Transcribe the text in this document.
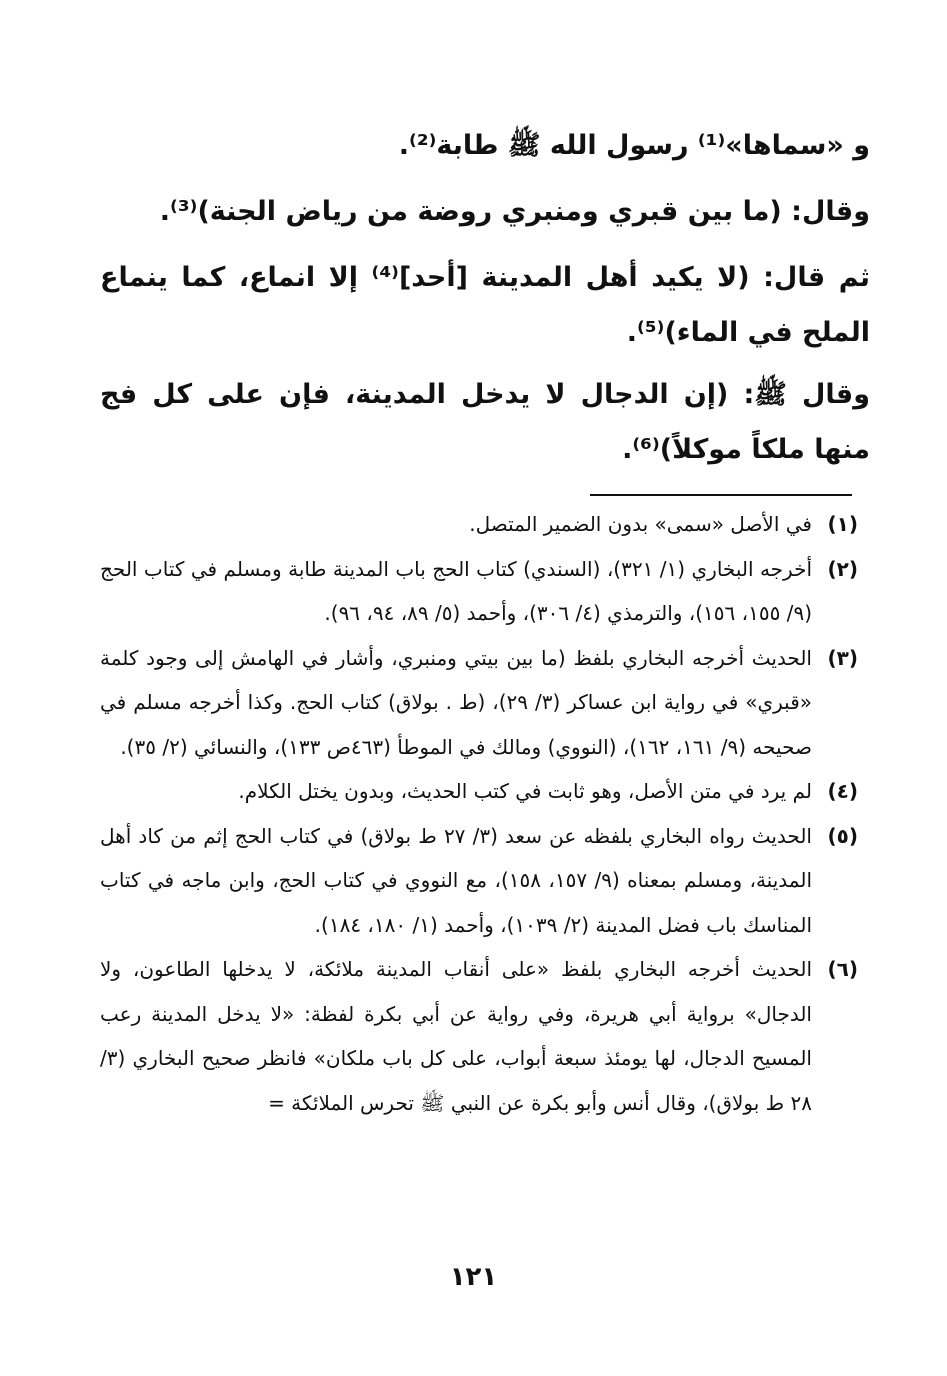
و «سماها»⁽¹⁾ رسول الله ﷺ طابة⁽²⁾.
وقال: (ما بين قبري ومنبري روضة من رياض الجنة)⁽³⁾.
ثم قال: (لا يكيد أهل المدينة [أحد]⁽⁴⁾ إلا انماع، كما ينماع الملح في الماء)⁽⁵⁾.
وقال ﷺ: (إن الدجال لا يدخل المدينة، فإن على كل فج منها ملكاً موكلاً)⁽⁶⁾.
(١)
في الأصل «سمى» بدون الضمير المتصل.
(٢)
أخرجه البخاري (١/ ٣٢١)، (السندي) كتاب الحج باب المدينة طابة ومسلم في كتاب الحج (٩/ ١٥٥، ١٥٦)، والترمذي (٤/ ٣٠٦)، وأحمد (٥/ ٨٩، ٩٤، ٩٦).
(٣)
الحديث أخرجه البخاري بلفظ (ما بين بيتي ومنبري، وأشار في الهامش إلى وجود كلمة «قبري» في رواية ابن عساكر (٣/ ٢٩)، (ط . بولاق) كتاب الحج. وكذا أخرجه مسلم في صحيحه (٩/ ١٦١، ١٦٢)، (النووي) ومالك في الموطأ (٤٦٣ص ١٣٣)، والنسائي (٢/ ٣٥).
(٤)
لم يرد في متن الأصل، وهو ثابت في كتب الحديث، وبدون يختل الكلام.
(٥)
الحديث رواه البخاري بلفظه عن سعد (٣/ ٢٧ ط بولاق) في كتاب الحج إثم من كاد أهل المدينة، ومسلم بمعناه (٩/ ١٥٧، ١٥٨)، مع النووي في كتاب الحج، وابن ماجه في كتاب المناسك باب فضل المدينة (٢/ ١٠٣٩)، وأحمد (١/ ١٨٠، ١٨٤).
(٦)
الحديث أخرجه البخاري بلفظ «على أنقاب المدينة ملائكة، لا يدخلها الطاعون، ولا الدجال» برواية أبي هريرة، وفي رواية عن أبي بكرة لفظة: «لا يدخل المدينة رعب المسيح الدجال، لها يومئذ سبعة أبواب، على كل باب ملكان» فانظر صحيح البخاري (٣/ ٢٨ ط بولاق)، وقال أنس وأبو بكرة عن النبي ﷺ تحرس الملائكة =
١٢١
